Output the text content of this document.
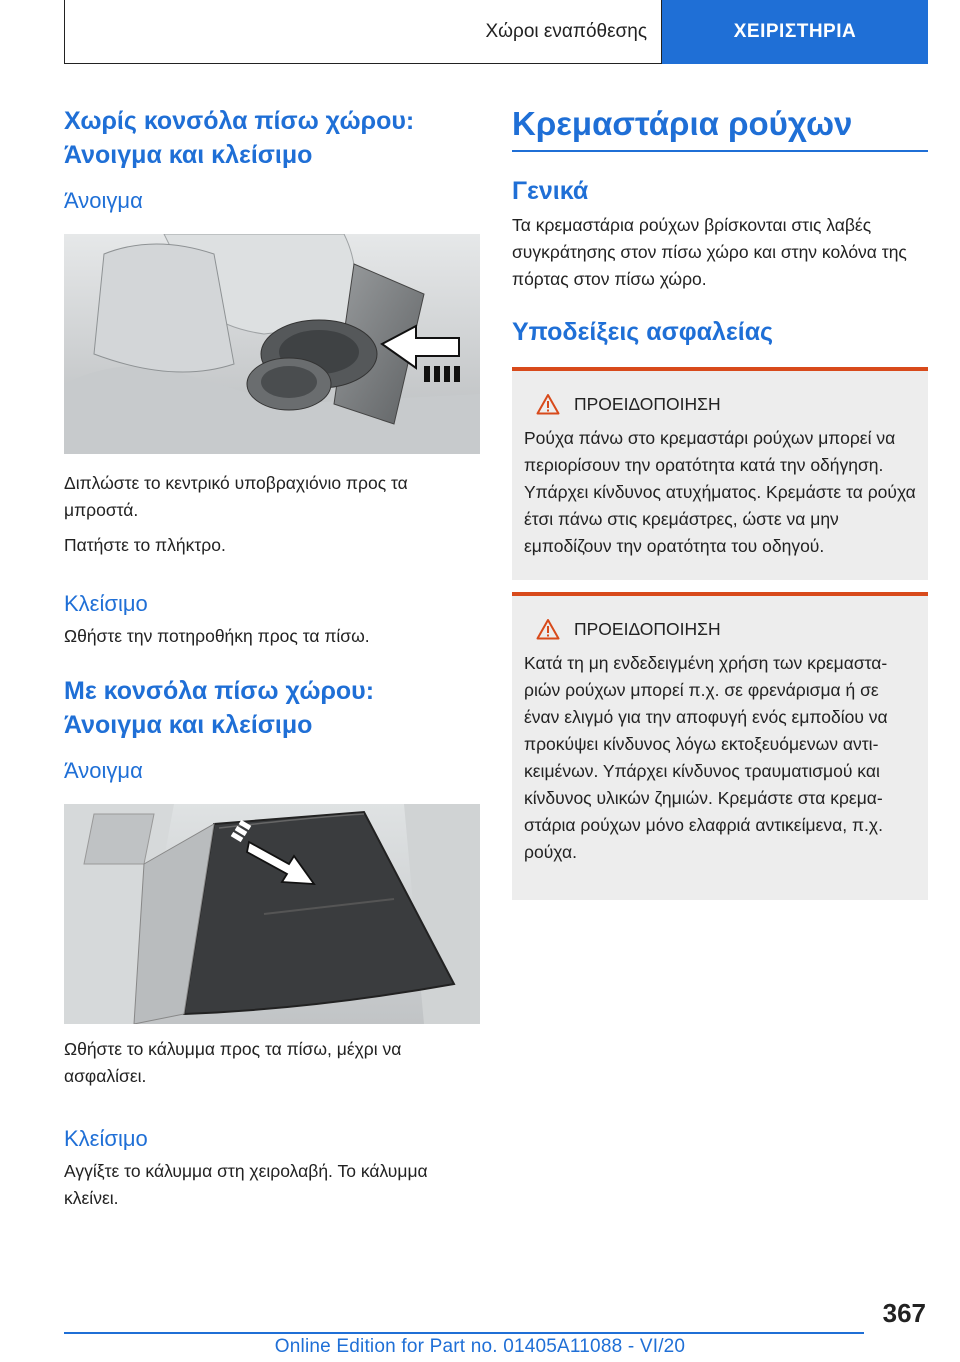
Χώροι εναπόθεσης	ΧΕΙΡΙΣΤΗΡΙΑ
Χωρίς κονσόλα πίσω χώρου:
Άνοιγμα και κλείσιμο
Άνοιγμα
Διπλώστε το κεντρικό υποβραχιόνιο προς τα μπροστά.
Πατήστε το πλήκτρο.
Κλείσιμο
Ωθήστε την ποτηροθήκη προς τα πίσω.
Με κονσόλα πίσω χώρου:
Άνοιγμα και κλείσιμο
Άνοιγμα
Ωθήστε το κάλυμμα προς τα πίσω, μέχρι να ασφαλίσει.
Κλείσιμο
Αγγίξτε το κάλυμμα στη χειρολαβή. Το κάλυμμα κλείνει.
Κρεμαστάρια ρούχων
Γενικά
Τα κρεμαστάρια ρούχων βρίσκονται στις λαβές συγκράτησης στον πίσω χώρο και στην κολόνα της πόρτας στον πίσω χώρο.
Υποδείξεις ασφαλείας
ΠΡΟΕΙΔΟΠΟΙΗΣΗ
Ρούχα πάνω στο κρεμαστάρι ρούχων μπορεί να περιορίσουν την ορατότητα κατά την οδήγηση. Υπάρχει κίνδυνος ατυχήματος. Κρεμάστε τα ρούχα έτσι πάνω στις κρεμάστρες, ώστε να μην εμποδίζουν την ορατότητα του οδηγού.
ΠΡΟΕΙΔΟΠΟΙΗΣΗ
Κατά τη μη ενδεδειγμένη χρήση των κρεμασταριών ρούχων μπορεί π.χ. σε φρενάρισμα ή σε έναν ελιγμό για την αποφυγή ενός εμποδίου να προκύψει κίνδυνος λόγω εκτοξευόμενων αντικειμένων. Υπάρχει κίνδυνος τραυματισμού και κίνδυνος υλικών ζημιών. Κρεμάστε στα κρεμαστάρια ρούχων μόνο ελαφριά αντικείμενα, π.χ. ρούχα.
367
Online Edition for Part no. 01405A11088 - VI/20
